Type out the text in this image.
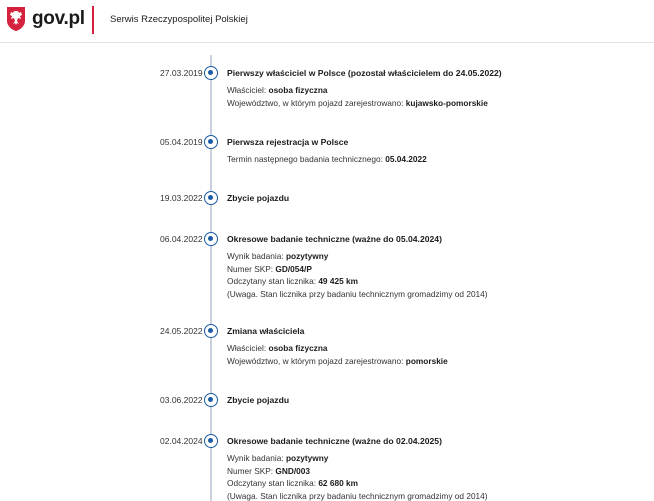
gov.pl	Serwis Rzeczypospolitej Polskiej
27.03.2019	Pierwszy właściciel w Polsce (pozostał właścicielem do 24.05.2022)
Właściciel: osoba fizyczna
Województwo, w którym pojazd zarejestrowano: kujawsko-pomorskie
05.04.2019	Pierwsza rejestracja w Polsce
Termin następnego badania technicznego: 05.04.2022
19.03.2022	Zbycie pojazdu
06.04.2022	Okresowe badanie techniczne (ważne do 05.04.2024)
Wynik badania: pozytywny
Numer SKP: GD/054/P
Odczytany stan licznika: 49 425 km
(Uwaga. Stan licznika przy badaniu technicznym gromadzimy od 2014)
24.05.2022	Zmiana właściciela
Właściciel: osoba fizyczna
Województwo, w którym pojazd zarejestrowano: pomorskie
03.06.2022	Zbycie pojazdu
02.04.2024	Okresowe badanie techniczne (ważne do 02.04.2025)
Wynik badania: pozytywny
Numer SKP: GND/003
Odczytany stan licznika: 62 680 km
(Uwaga. Stan licznika przy badaniu technicznym gromadzimy od 2014)
